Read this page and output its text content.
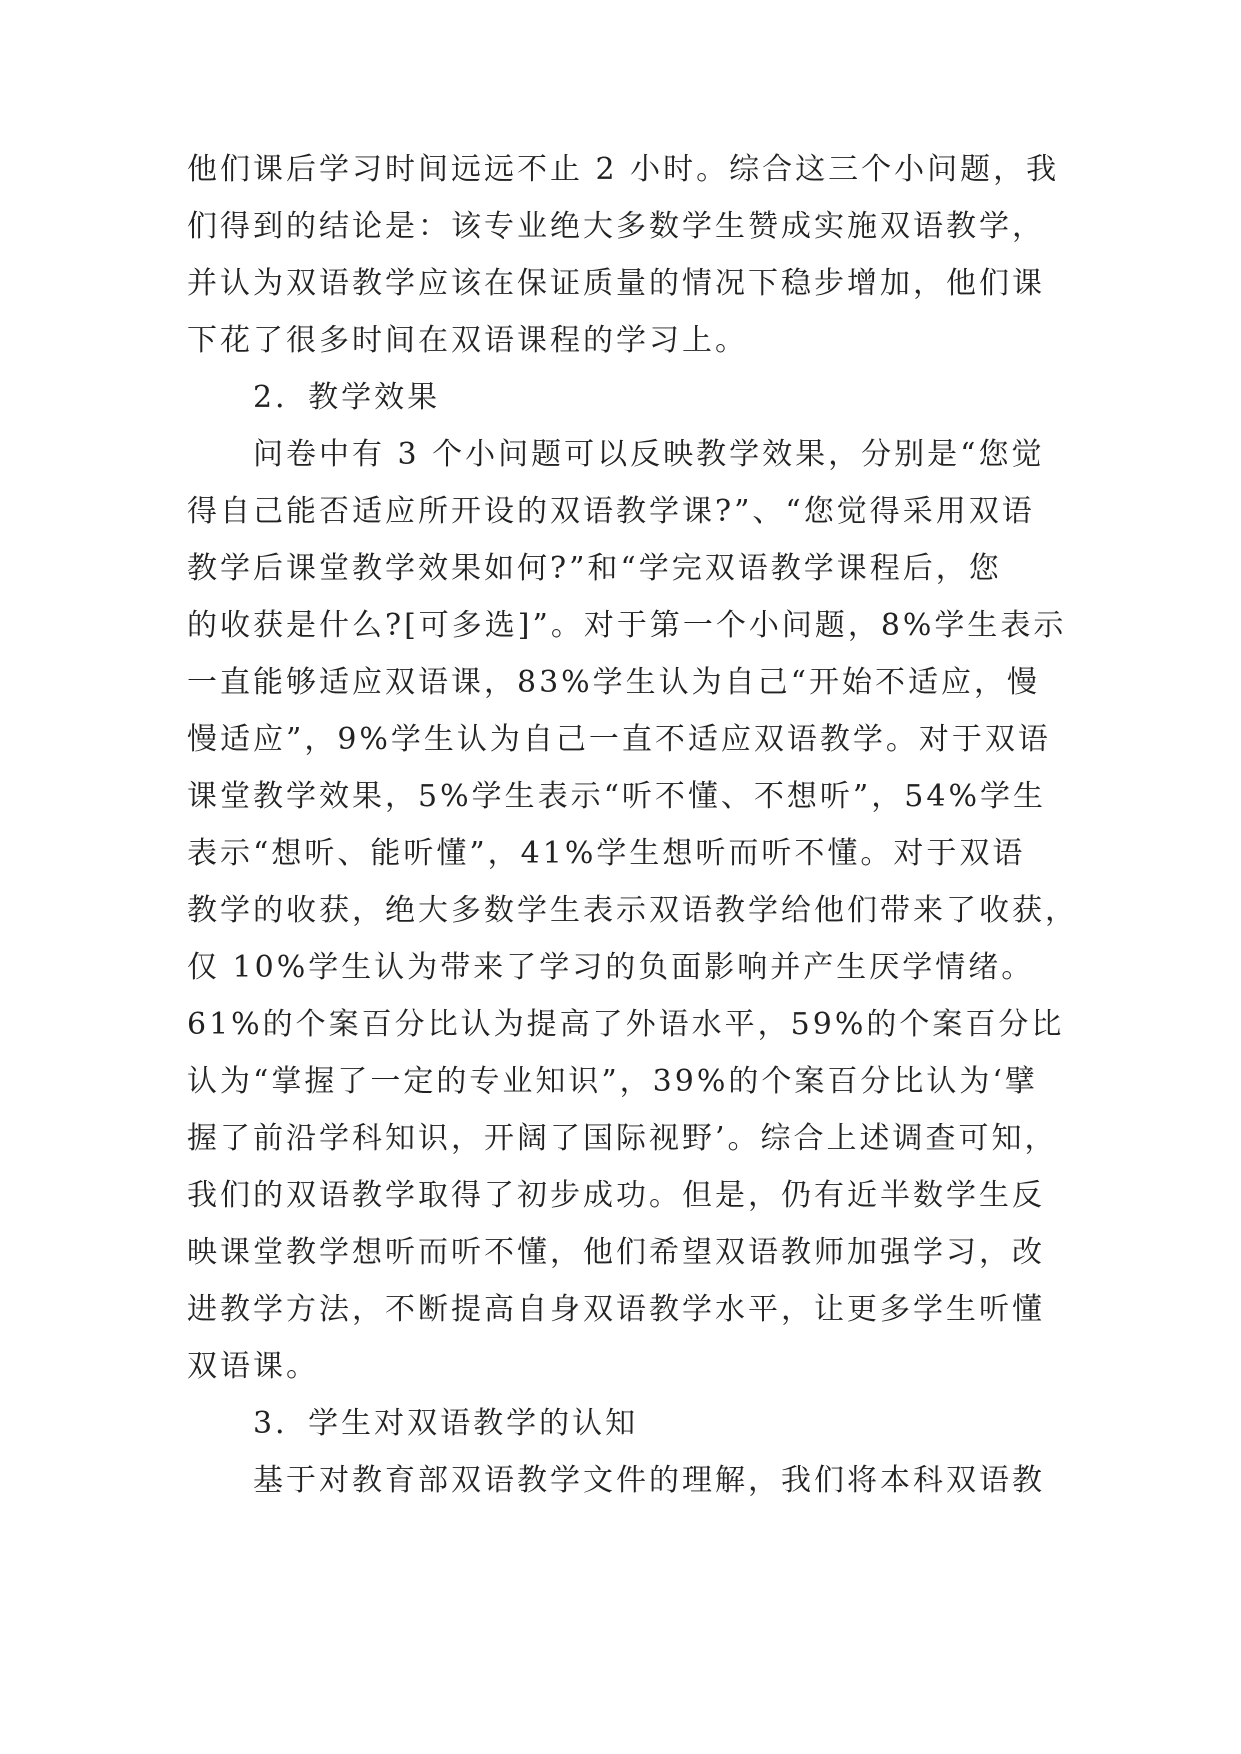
他们课后学习时间远远不止 2 小时。综合这三个小问题，我
们得到的结论是：该专业绝大多数学生赞成实施双语教学，
并认为双语教学应该在保证质量的情况下稳步增加，他们课
下花了很多时间在双语课程的学习上。
2．教学效果
问卷中有 3 个小问题可以反映教学效果，分别是“您觉
得自己能否适应所开设的双语教学课?”、“您觉得采用双语
教学后课堂教学效果如何?”和“学完双语教学课程后，您
的收获是什么?[可多选]”。对于第一个小问题，8%学生表示
一直能够适应双语课，83%学生认为自己“开始不适应，慢
慢适应”，9%学生认为自己一直不适应双语教学。对于双语
课堂教学效果，5%学生表示“听不懂、不想听”，54%学生
表示“想听、能听懂”，41%学生想听而听不懂。对于双语
教学的收获，绝大多数学生表示双语教学给他们带来了收获，
仅 10%学生认为带来了学习的负面影响并产生厌学情绪。
61%的个案百分比认为提高了外语水平，59%的个案百分比
认为“掌握了一定的专业知识”，39%的个案百分比认为‘擘
握了前沿学科知识，开阔了国际视野’。综合上述调查可知，
我们的双语教学取得了初步成功。但是，仍有近半数学生反
映课堂教学想听而听不懂，他们希望双语教师加强学习，改
进教学方法，不断提高自身双语教学水平，让更多学生听懂
双语课。
3．学生对双语教学的认知
基于对教育部双语教学文件的理解，我们将本科双语教
